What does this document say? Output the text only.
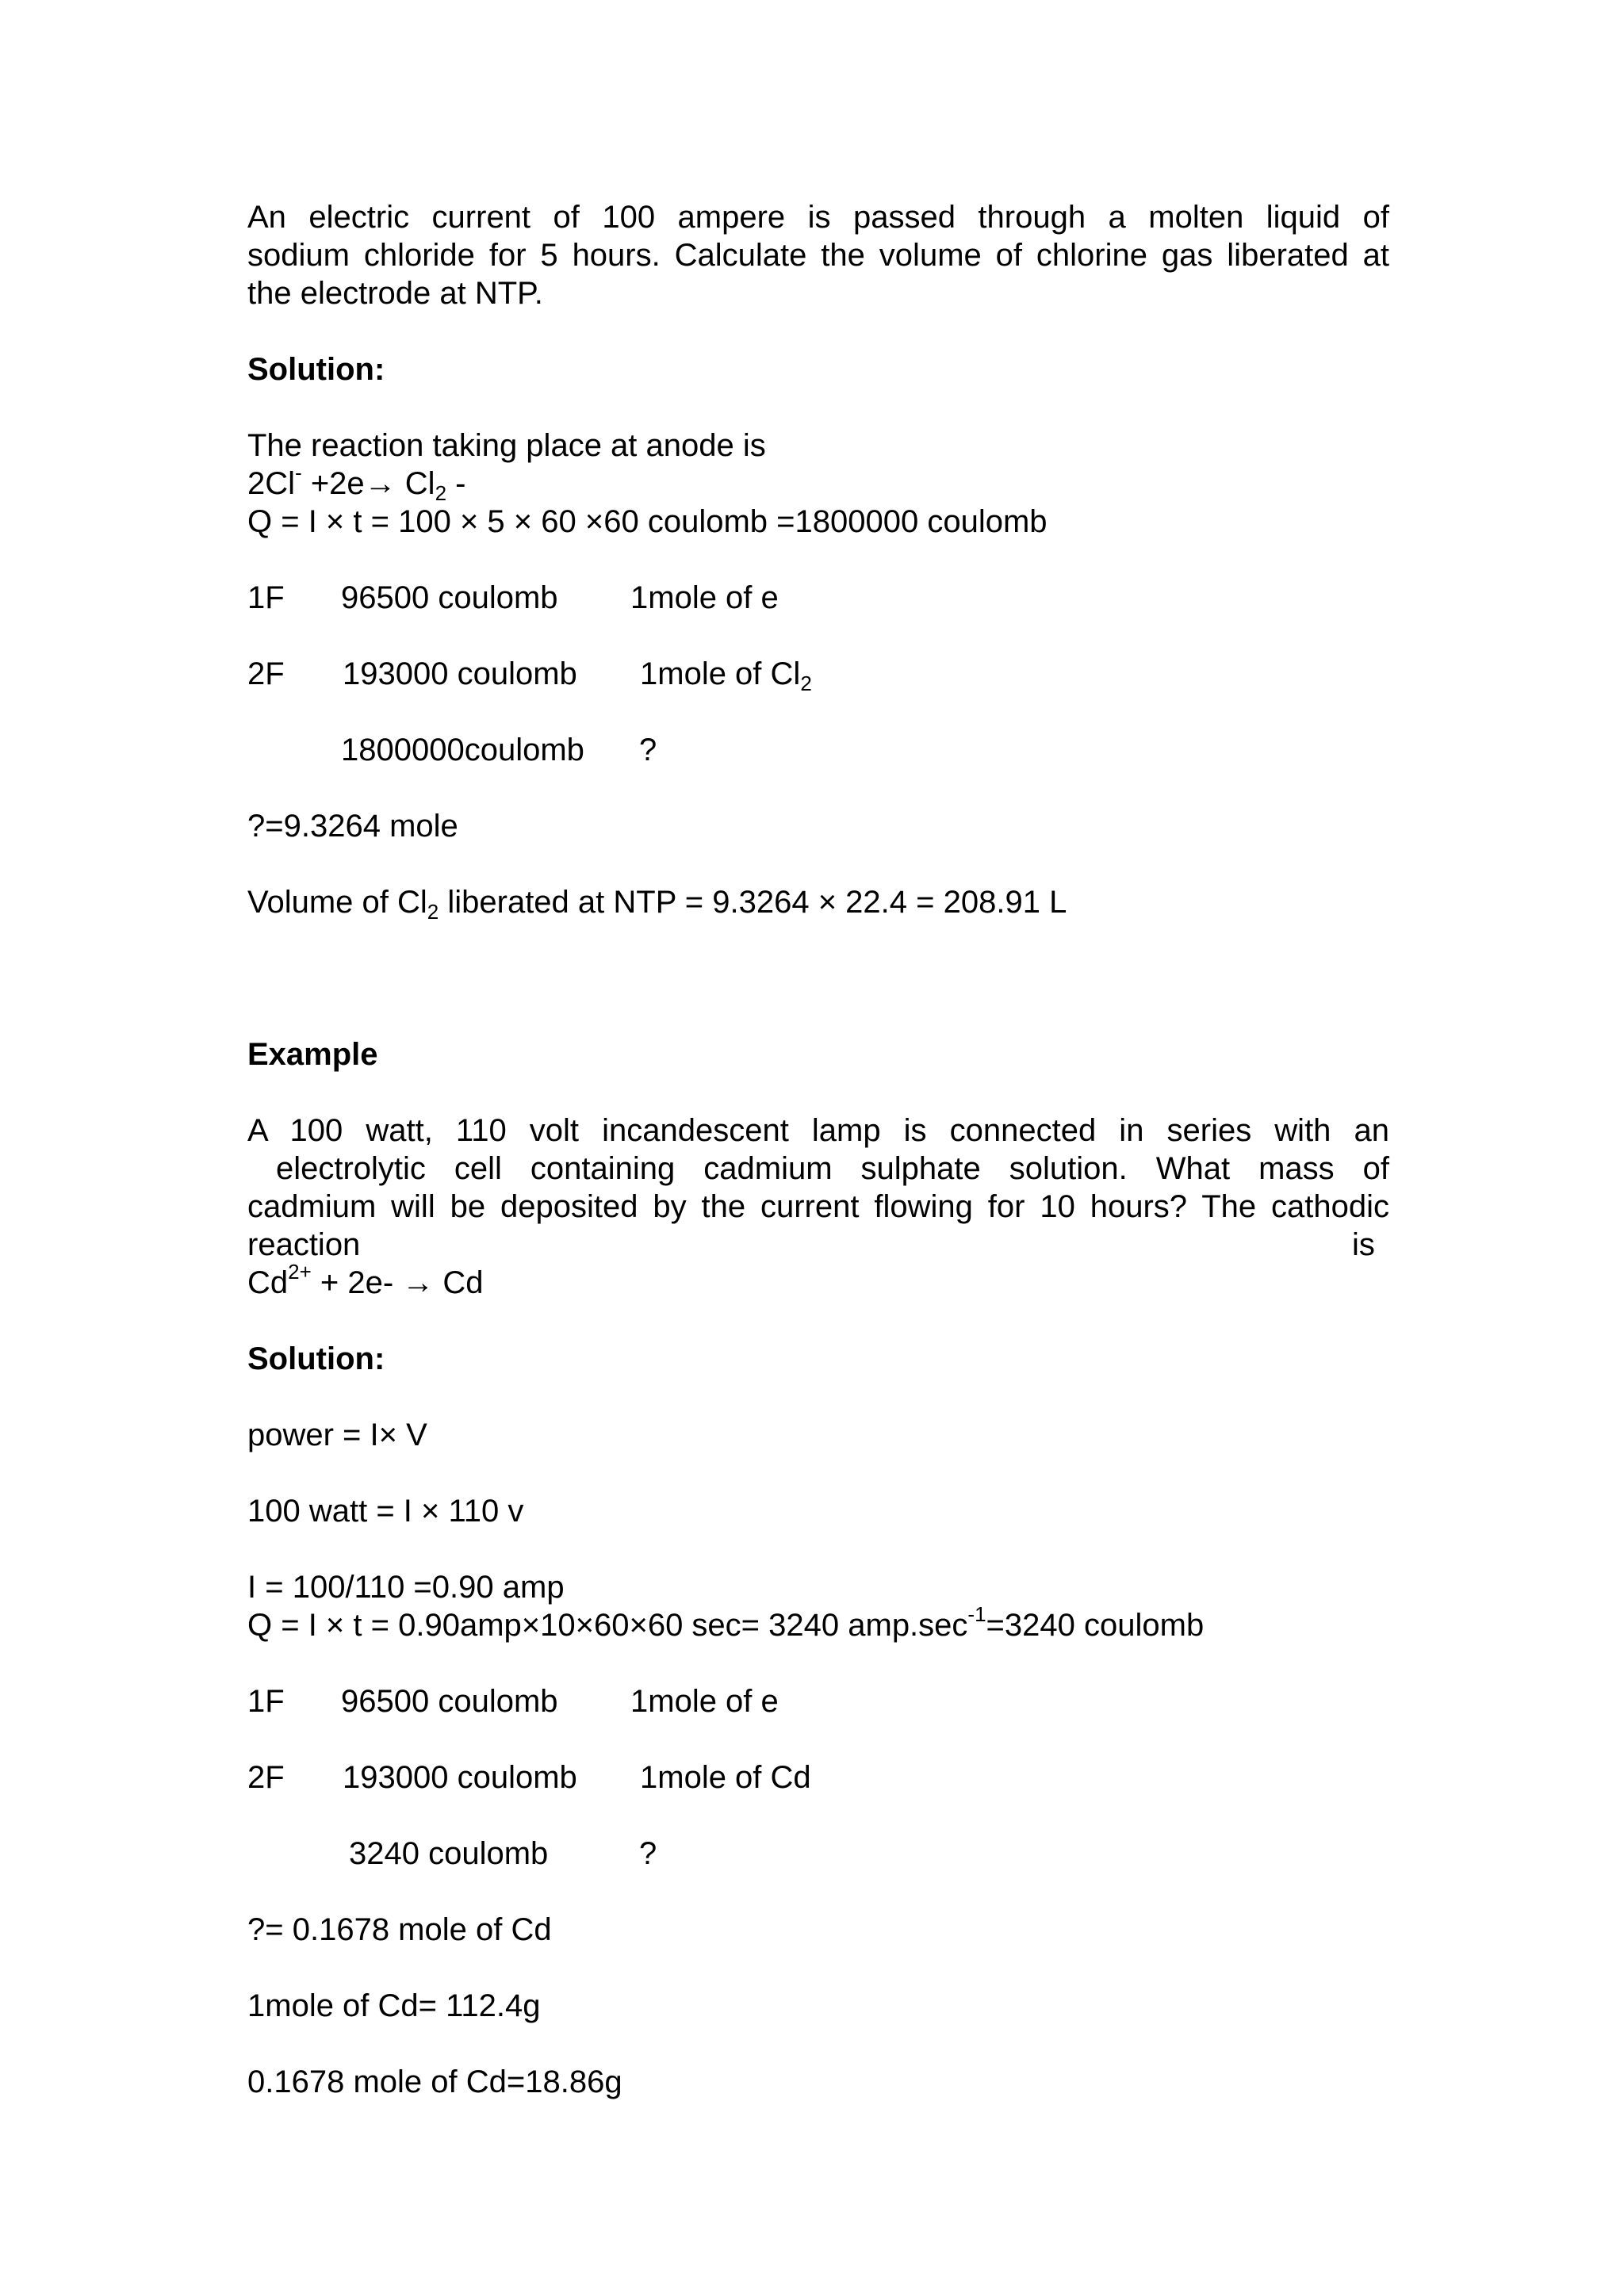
An electric current of 100 ampere is passed through a molten liquid of
sodium chloride for 5 hours. Calculate the volume of chlorine gas liberated at
the electrode at NTP.
Solution:
The reaction taking place at anode is
$2Cl^- +2e\to Cl_2$ -
Q = I × t = 100 × 5 × 60 ×60 coulomb =1800000 coulomb
1F 96500 coulomb 1mole of e
2F 193000 coulomb 1mole of $Cl_2$
1800000coulomb ?
?=9.3264 mole
Volume of $Cl_2$ liberated at NTP = 9.3264 × 22.4 = 208.91 L
Example
A 100 watt, 110 volt incandescent lamp is connected in series with an
electrolytic cell containing cadmium sulphate solution. What mass of
cadmium will be deposited by the current flowing for 10 hours? The cathodic
reaction	is
$Cd^{2+} + 2e- \to Cd$
Solution:
power = I× V
100 watt = I × 110 v
I = 100/110 =0.90 amp
Q = I × t = 0.90amp×10×60×60 sec= 3240 $amp.\sec^{-1}=3240$ coulomb
1F 96500 coulomb 1mole of e
2F 193000 coulomb 1mole of Cd
3240 coulomb	?
?= 0.1678 mole of Cd
1mole of Cd= 112.4g
0.1678 mole of Cd=18.86g
